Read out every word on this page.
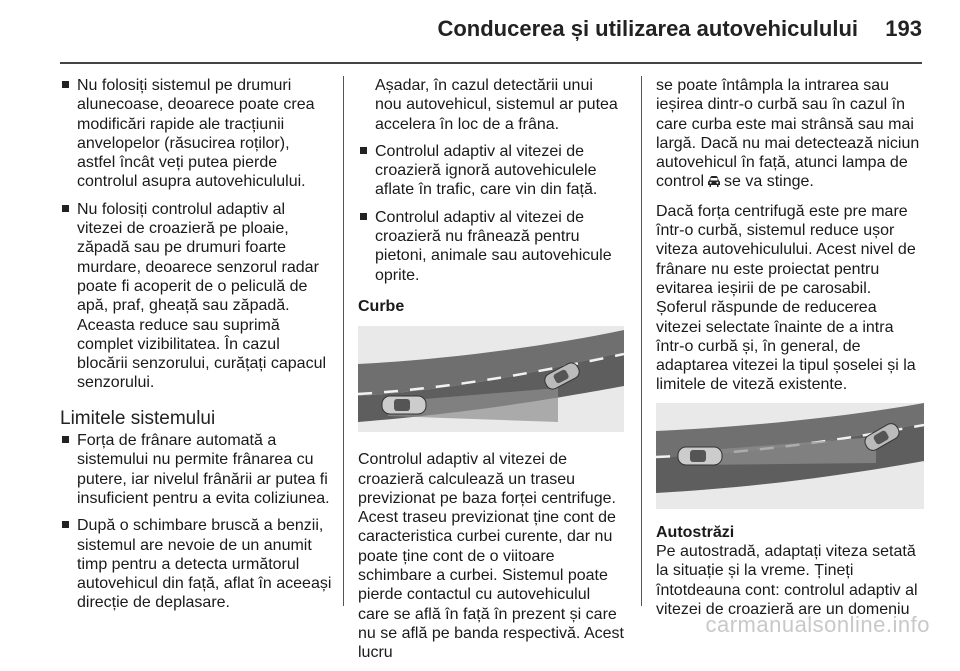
Conducerea și utilizarea autovehiculului 193
Nu folosiți sistemul pe drumuri alunecoase, deoarece poate crea modificări rapide ale tracțiunii anvelopelor (răsucirea roților), astfel încât veți putea pierde controlul asupra autovehiculului.
Nu folosiți controlul adaptiv al vitezei de croazieră pe ploaie, zăpadă sau pe drumuri foarte murdare, deoarece senzorul radar poate fi acoperit de o peliculă de apă, praf, gheață sau zăpadă. Aceasta reduce sau suprimă complet vizibilitatea. În cazul blocării senzorului, curățați capacul senzorului.
Limitele sistemului
Forța de frânare automată a sistemului nu permite frânarea cu putere, iar nivelul frânării ar putea fi insuficient pentru a evita coliziunea.
După o schimbare bruscă a benzii, sistemul are nevoie de un anumit timp pentru a detecta următorul autovehicul din față, aflat în aceeași direcție de deplasare.
Așadar, în cazul detectării unui nou autovehicul, sistemul ar putea accelera în loc de a frâna.
Controlul adaptiv al vitezei de croazieră ignoră autovehiculele aflate în trafic, care vin din față.
Controlul adaptiv al vitezei de croazieră nu frânează pentru pietoni, animale sau autovehicule oprite.
Curbe
Controlul adaptiv al vitezei de croazieră calculează un traseu previzionat pe baza forței centrifuge. Acest traseu previzionat ține cont de caracteristica curbei curente, dar nu poate ține cont de o viitoare schimbare a curbei. Sistemul poate pierde contactul cu autovehiculul care se află în față în prezent și care nu se află pe banda respectivă. Acest lucru
se poate întâmpla la intrarea sau ieșirea dintr-o curbă sau în cazul în care curba este mai strânsă sau mai largă. Dacă nu mai detectează niciun autovehicul în față, atunci lampa de control se va stinge.
Dacă forța centrifugă este pre mare într-o curbă, sistemul reduce ușor viteza autovehiculului. Acest nivel de frânare nu este proiectat pentru evitarea ieșirii de pe carosabil. Șoferul răspunde de reducerea vitezei selectate înainte de a intra într-o curbă și, în general, de adaptarea vitezei la tipul șoselei și la limitele de viteză existente.
Autostrăzi
Pe autostradă, adaptați viteza setată la situație și la vreme. Țineți întotdeauna cont: controlul adaptiv al vitezei de croazieră are un domeniu
carmanualsonline.info
